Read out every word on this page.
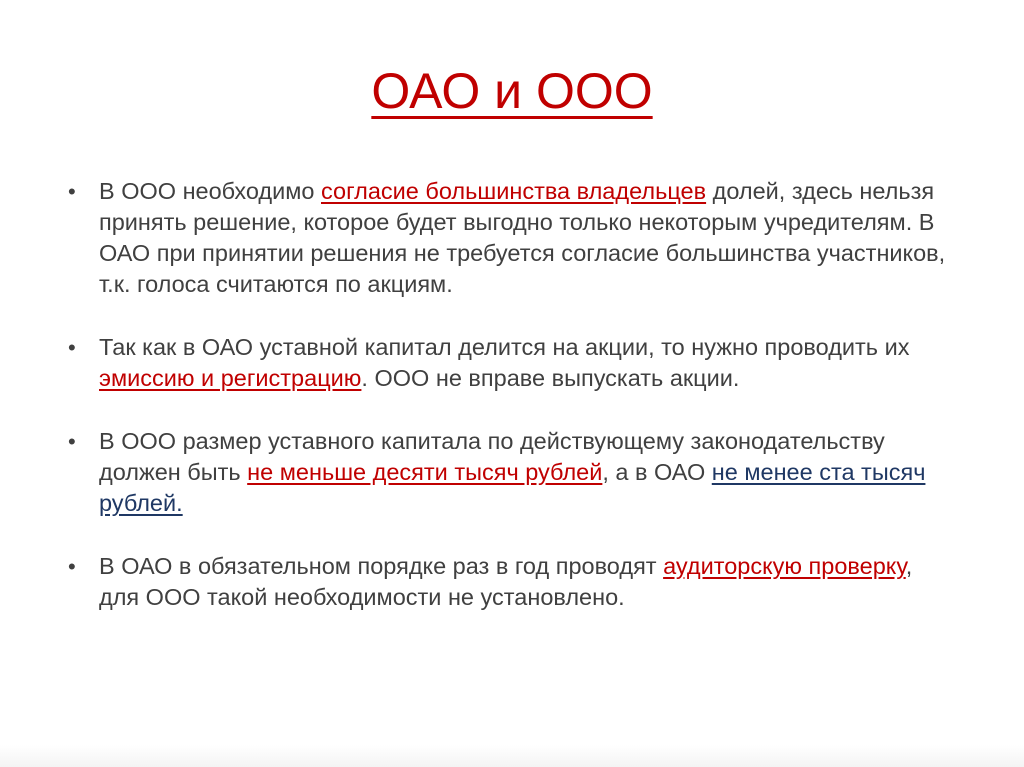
ОАО и ООО
• В ООО необходимо согласие большинства владельцев долей, здесь нельзя принять решение, которое будет выгодно только некоторым учредителям. В ОАО при принятии решения не требуется согласие большинства участников, т.к. голоса считаются по акциям.
• Так как в ОАО уставной капитал делится на акции, то нужно проводить их эмиссию и регистрацию. ООО не вправе выпускать акции.
• В ООО размер уставного капитала по действующему законодательству должен быть не меньше десяти тысяч рублей, а в ОАО не менее ста тысяч рублей.
• В ОАО в обязательном порядке раз в год проводят аудиторскую проверку, для ООО такой необходимости не установлено.
